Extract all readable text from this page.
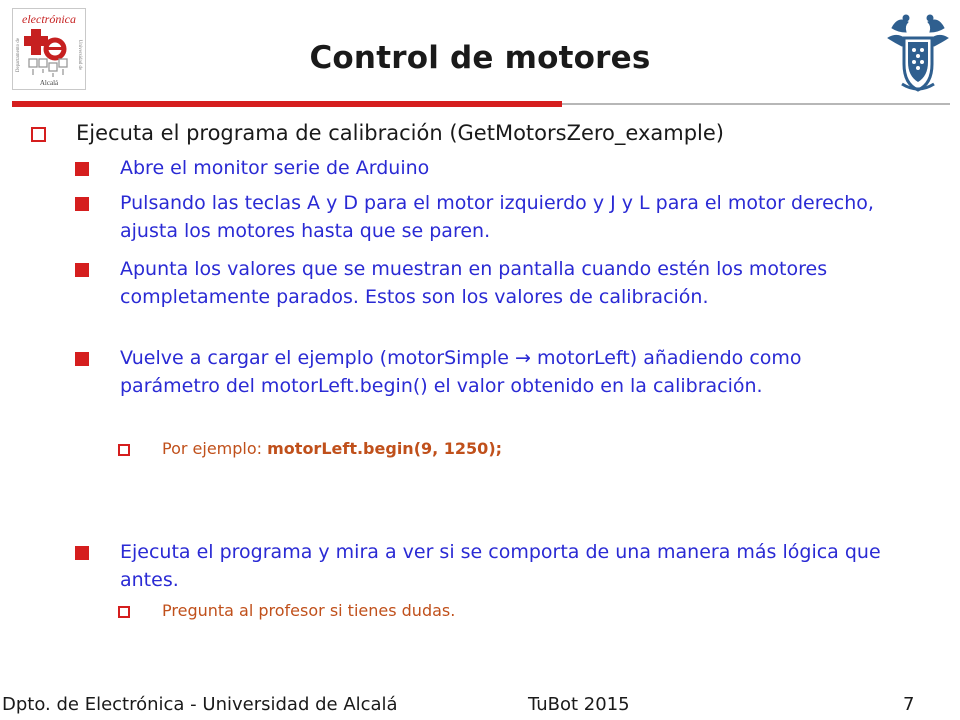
electrónica
Departamento de	Universidad de
Alcalá
Control de motores
Ejecuta el programa de calibración (GetMotorsZero_example)
Abre el monitor serie de Arduino
Pulsando las teclas A y D para el motor izquierdo y J y L para el motor derecho, ajusta los motores hasta que se paren.
Apunta los valores que se muestran en pantalla cuando estén los motores completamente parados. Estos son los valores de calibración.
Vuelve a cargar el ejemplo (motorSimple → motorLeft) añadiendo como parámetro del motorLeft.begin() el valor obtenido en la calibración.
Por ejemplo: motorLeft.begin(9, 1250);
Ejecuta el programa y mira a ver si se comporta de una manera más lógica que antes.
Pregunta al profesor si tienes dudas.
Dpto. de Electrónica - Universidad de Alcalá	TuBot 2015	7
